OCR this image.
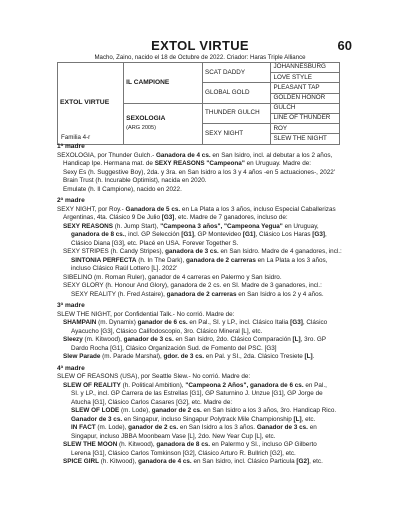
EXTOL VIRTUE	60
Macho, Zaino, nacido el 18 de Octubre de 2022. Criador: Haras Triple Alliance
EXTOL VIRTUE
Familia 4-r	IL CAMPIONE	SCAT DADDY	JOHANNESBURG
			LOVE STYLE
		GLOBAL GOLD	PLEASANT TAP
			GOLDEN HONOR
	SEXOLOGIA
(ARG 2005)	THUNDER GULCH	GULCH
			LINE OF THUNDER
		SEXY NIGHT	ROY
			SLEW THE NIGHT

1ª madre

SEXOLOGIA, por Thunder Gulch.- Ganadora de 4 cs. en San Isidro, incl. al debutar a los 2 años,

Handicap Ipe. Hermana mat. de SEXY REASONS "Campeona" en Uruguay. Madre de:

Sexy Es (h. Suggestive Boy), 2da. y 3ra. en San Isidro a los 3 y 4 años -en 5 actuaciones-, 2022'

Brain Trust (h. Incurable Optimist), nacida en 2020.

Emulate (h. Il Campione), nacido en 2022.

2ª madre

SEXY NIGHT, por Roy.- Ganadora de 5 cs. en La Plata a los 3 años, incluso Especial Caballerizas

Argentinas, 4ta. Clásico 9 De Julio [G3], etc. Madre de 7 ganadores, incluso de:

SEXY REASONS (h. Jump Start), "Campeona 3 años", "Campeona Yegua" en Uruguay,

ganadora de 8 cs., incl. GP Selección [G1], GP Montevideo [G1], Clásico Los Haras [G3],

Clásico Diana [G3], etc. Placé en USA. Forever Together S.

SEXY STRIPES (h. Candy Stripes), ganadora de 3 cs. en San Isidro. Madre de 4 ganadores, incl.:

SINTONIA PERFECTA (h. In The Dark), ganadora de 2 carreras en La Plata a los 3 años,

incluso Clásico Raúl Lottero [L]. 2022'

SIBELINO (m. Roman Ruler), ganador de 4 carreras en Palermo y San Isidro.

SEXY GLORY (h. Honour And Glory), ganadora de 2 cs. en SI. Madre de 3 ganadores, incl.:

SEXY REALITY (h. Fred Astaire), ganadora de 2 carreras en San Isidro a los 2 y 4 años.

3ª madre

SLEW THE NIGHT, por Confidential Talk.- No corrió. Madre de:

SHAMPAIN (m. Dynamix) ganador de 6 cs. en Pal., SI. y LP., incl. Clásico Italia [G3], Clásico

Ayacucho [G3], Clásico Califodoscopio, 3ro. Clásico Mineral [L], etc.

Sleezy (m. Kitwood), ganador de 3 cs. en San Isidro, 2do. Clásico Comparación [L], 3ro. GP

Dardo Rocha [G1], Clásico Organización Sud. de Fomento del PSC. [G3]

Slew Parade (m. Parade Marshal), gdor. de 3 cs. en Pal. y SI., 2da. Clásico Tresiete [L].

4ª madre

SLEW OF REASONS (USA), por Seattle Slew.- No corrió. Madre de:

SLEW OF REALITY (h. Political Ambition), "Campeona 2 Años", ganadora de 6 cs. en Pal.,

SI. y LP., incl. GP Carrera de las Estrellas [G1], GP Saturnino J. Unzue [G1], GP Jorge de

Atucha [G1], Clásico Carlos Casares [G2], etc. Madre de:

SLEW OF LODE (m. Lode), ganador de 2 cs. en San Isidro a los 3 años, 3ro. Handicap Rico.

Ganador de 3 cs. en Singapur, incluso Singapur Polytrack Mile Championship [L], etc.

IN FACT (m. Lode), ganador de 2 cs. en San Isidro a los 3 años. Ganador de 3 cs. en

Singapur, incluso JBBA Moonbeam Vase [L], 2do. New Year Cup [L], etc.

SLEW THE MOON (h. Kitwood), ganadora de 8 cs. en Palermo y SI., incluso GP Gilberto

Lerena [G1], Clásico Carlos Tomkinson [G2], Clásico Arturo R. Bullrich [G2], etc.

SPICE GIRL (h. Kitwood), ganadora de 4 cs. en San Isidro, incl. Clásico Particula [G2], etc.
